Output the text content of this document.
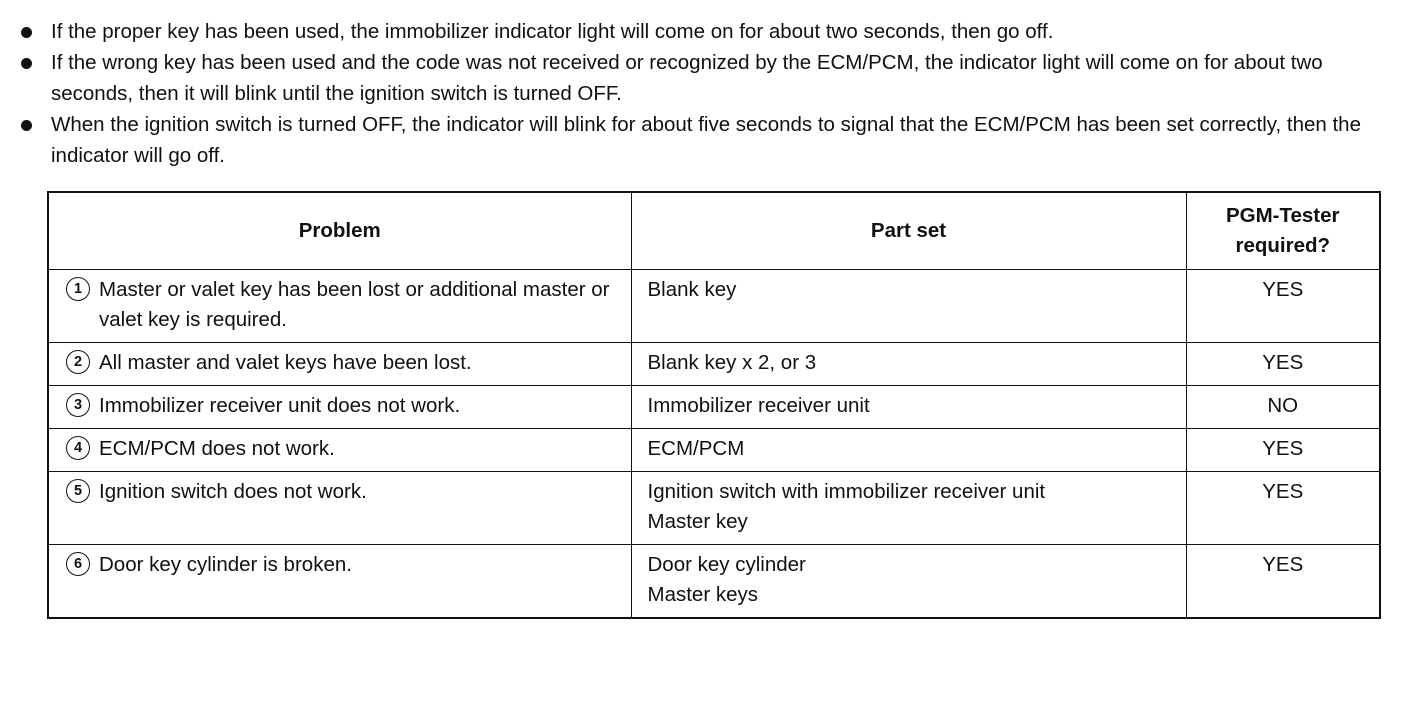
If the proper key has been used, the immobilizer indicator light will come on for about two seconds, then go off.
If the wrong key has been used and the code was not received or recognized by the ECM/PCM, the indicator light will come on for about two seconds, then it will blink until the ignition switch is turned OFF.
When the ignition switch is turned OFF, the indicator will blink for about five seconds to signal that the ECM/PCM has been set correctly, then the indicator will go off.
Problem	Part set	PGM-Tester required?

1 Master or valet key has been lost or additional master or valet key is required.	Blank key	YES

2 All master and valet keys have been lost.	Blank key x 2, or 3	YES

3 Immobilizer receiver unit does not work.	Immobilizer receiver unit	NO

4 ECM/PCM does not work.	ECM/PCM	YES

5 Ignition switch does not work.	Ignition switch with immobilizer receiver unit
Master key	YES

6 Door key cylinder is broken.	Door key cylinder
Master keys	YES
